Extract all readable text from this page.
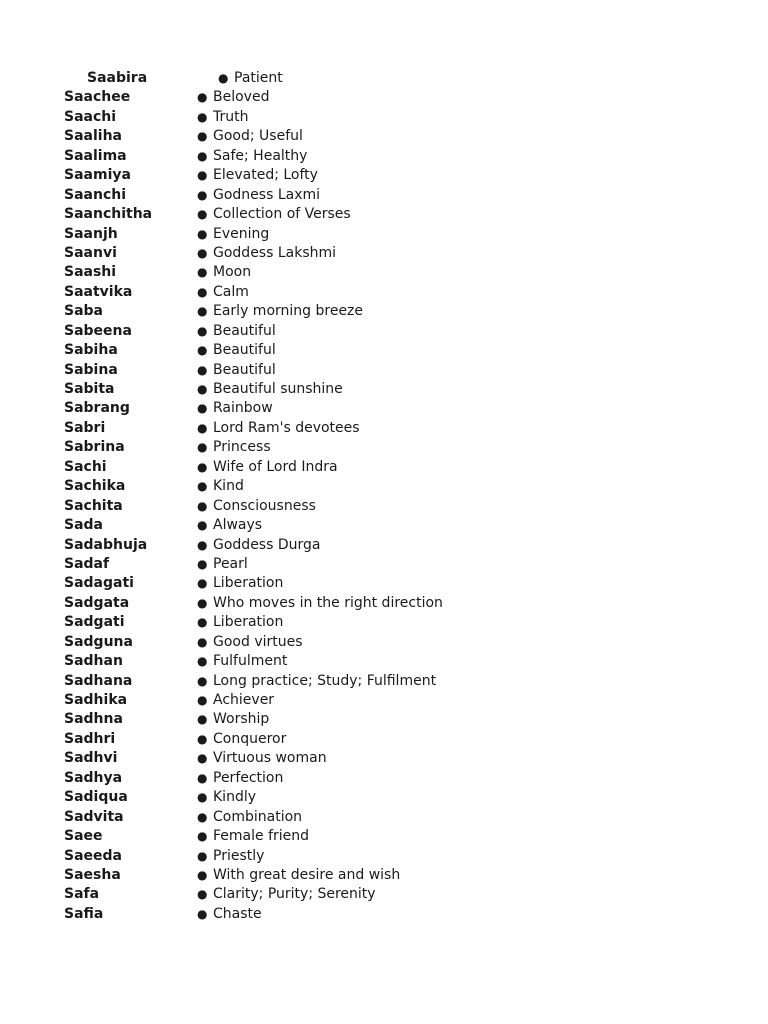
Saabira	● Patient
Saachee	● Beloved
Saachi	● Truth
Saaliha	● Good; Useful
Saalima	● Safe; Healthy
Saamiya	● Elevated; Lofty
Saanchi	● Godness Laxmi
Saanchitha	● Collection of Verses
Saanjh	● Evening
Saanvi	● Goddess Lakshmi
Saashi	● Moon
Saatvika	● Calm
Saba	● Early morning breeze
Sabeena	● Beautiful
Sabiha	● Beautiful
Sabina	● Beautiful
Sabita	● Beautiful sunshine
Sabrang	● Rainbow
Sabri	● Lord Ram's devotees
Sabrina	● Princess
Sachi	● Wife of Lord Indra
Sachika	● Kind
Sachita	● Consciousness
Sada	● Always
Sadabhuja	● Goddess Durga
Sadaf	● Pearl
Sadagati	● Liberation
Sadgata	● Who moves in the right direction
Sadgati	● Liberation
Sadguna	● Good virtues
Sadhan	● Fulfulment
Sadhana	● Long practice; Study; Fulfilment
Sadhika	● Achiever
Sadhna	● Worship
Sadhri	● Conqueror
Sadhvi	● Virtuous woman
Sadhya	● Perfection
Sadiqua	● Kindly
Sadvita	● Combination
Saee	● Female friend
Saeeda	● Priestly
Saesha	● With great desire and wish
Safa	● Clarity; Purity; Serenity
Safia	● Chaste
